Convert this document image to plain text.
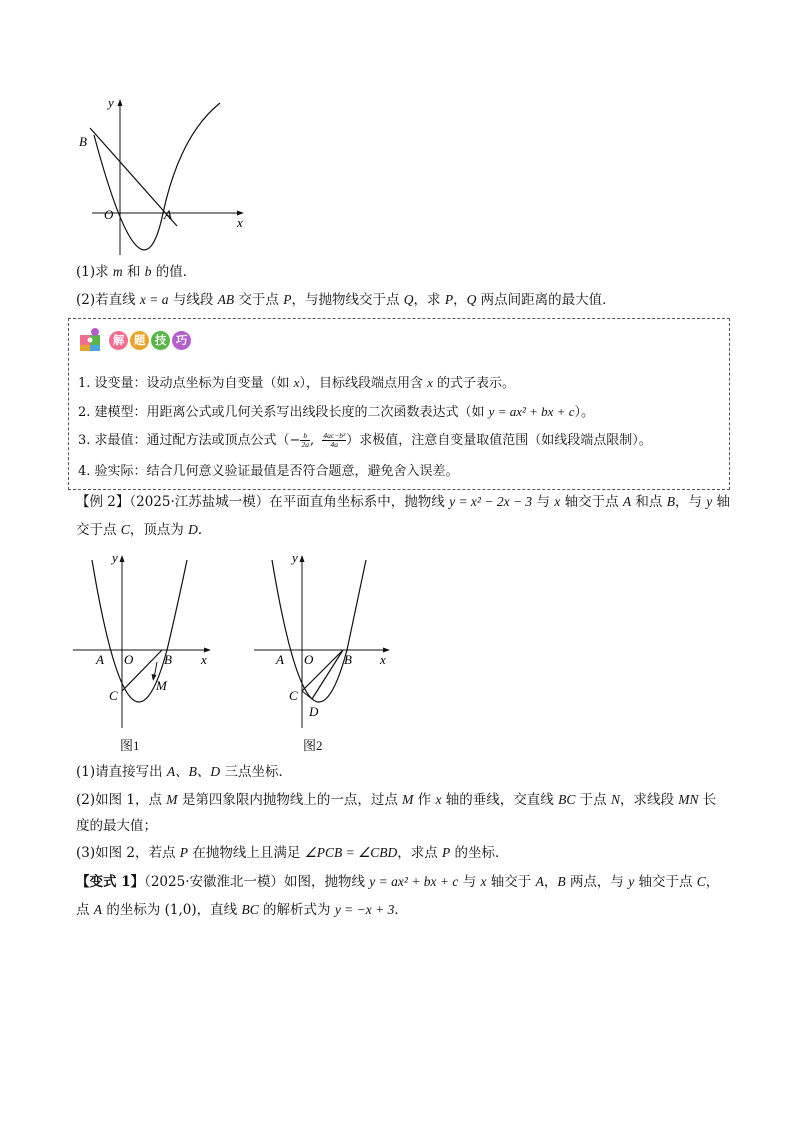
y
x
O	A
B
(1)求 m 和 b 的值．
(2)若直线 x = a 与线段 AB 交于点 P，与抛物线交于点 Q，求 P，Q 两点间距离的最大值．
解 题 技 巧
1. 设变量：设动点坐标为自变量（如 x），目标线段端点用含 x 的式子表示。
2. 建模型：用距离公式或几何关系写出线段长度的二次函数表达式（如 y = ax² + bx + c）。
3. 求最值：通过配方法或顶点公式（− $\frac{b}{2a}$ , $\frac{\text{4ac−b²}}{4a}$ ）求极值，注意自变量取值范围（如线段端点限制）。
4. 验实际：结合几何意义验证最值是否符合题意，避免舍入误差。
【例 2】（2025·江苏盐城一模）在平面直角坐标系中，抛物线 y = x² − 2x − 3 与 x 轴交于点 A 和点 B，与 y 轴
交于点 C，顶点为 D．
y
x
A O B
C
M
图1
y
x
A O B
C
D
图2
(1)请直接写出 A、B、D 三点坐标．
(2)如图 1，点 M 是第四象限内抛物线上的一点，过点 M 作 x 轴的垂线，交直线 BC 于点 N，求线段 MN 长
度的最大值；
(3)如图 2，若点 P 在抛物线上且满足 ∠PCB = ∠CBD，求点 P 的坐标．
【变式 1】（2025·安徽淮北一模）如图，抛物线 y = ax² + bx + c 与 x 轴交于 A，B 两点，与 y 轴交于点 C，
点 A 的坐标为 (1,0)，直线 BC 的解析式为 y = −x + 3．
